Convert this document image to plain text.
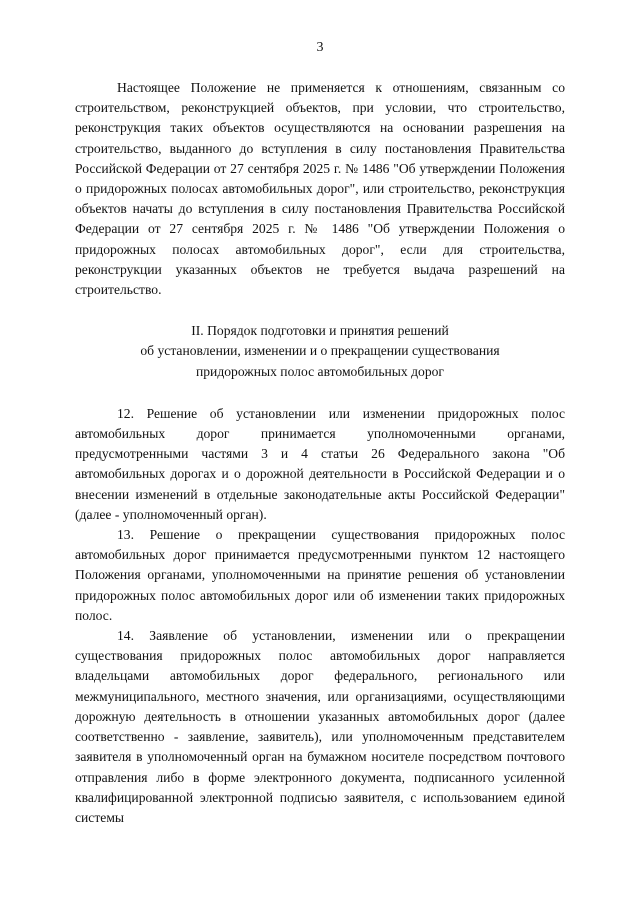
3

Настоящее Положение не применяется к отношениям, связанным со строительством, реконструкцией объектов, при условии, что строительство, реконструкция таких объектов осуществляются на основании разрешения на строительство, выданного до вступления в силу постановления Правительства Российской Федерации от 27 сентября 2025 г. № 1486 "Об утверждении Положения о придорожных полосах автомобильных дорог", или строительство, реконструкция объектов начаты до вступления в силу постановления Правительства Российской Федерации от 27 сентября 2025 г. № 1486 "Об утверждении Положения о придорожных полосах автомобильных дорог", если для строительства, реконструкции указанных объектов не требуется выдача разрешений на строительство.

II. Порядок подготовки и принятия решений
об установлении, изменении и о прекращении существования
придорожных полос автомобильных дорог

12. Решение об установлении или изменении придорожных полос автомобильных дорог принимается уполномоченными органами, предусмотренными частями 3 и 4 статьи 26 Федерального закона "Об автомобильных дорогах и о дорожной деятельности в Российской Федерации и о внесении изменений в отдельные законодательные акты Российской Федерации" (далее - уполномоченный орган).

13. Решение о прекращении существования придорожных полос автомобильных дорог принимается предусмотренными пунктом 12 настоящего Положения органами, уполномоченными на принятие решения об установлении придорожных полос автомобильных дорог или об изменении таких придорожных полос.

14. Заявление об установлении, изменении или о прекращении существования придорожных полос автомобильных дорог направляется владельцами автомобильных дорог федерального, регионального или межмуниципального, местного значения, или организациями, осуществляющими дорожную деятельность в отношении указанных автомобильных дорог (далее соответственно - заявление, заявитель), или уполномоченным представителем заявителя в уполномоченный орган на бумажном носителе посредством почтового отправления либо в форме электронного документа, подписанного усиленной квалифицированной электронной подписью заявителя, с использованием единой системы
